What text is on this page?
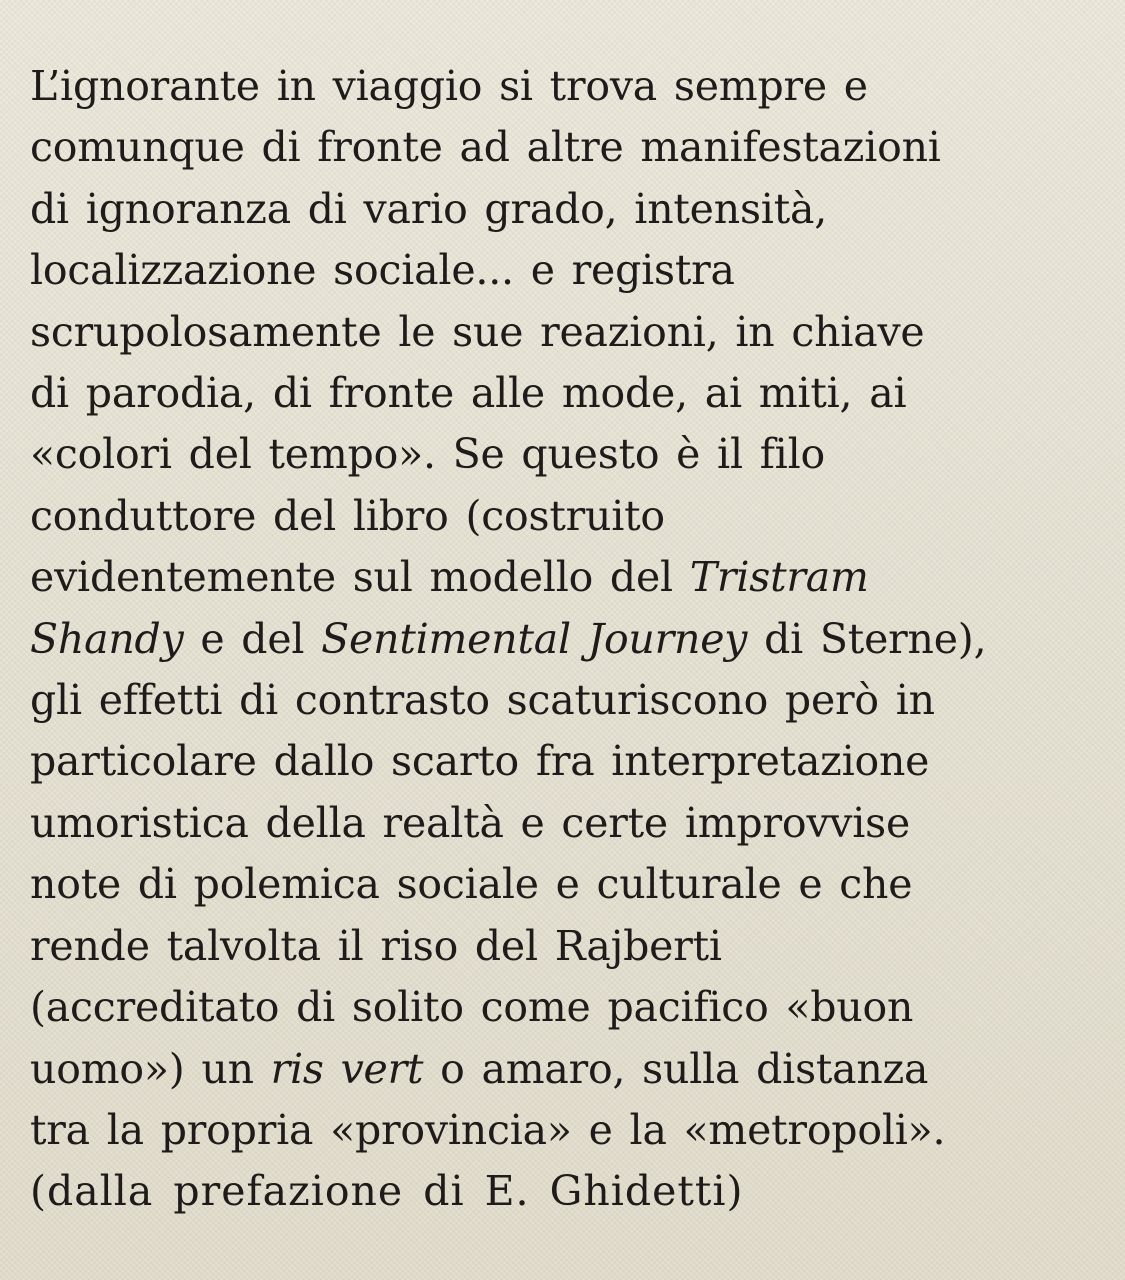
L’ignorante in viaggio si trova sempre e
comunque di fronte ad altre manifestazioni
di ignoranza di vario grado, intensità,
localizzazione sociale... e registra
scrupolosamente le sue reazioni, in chiave
di parodia, di fronte alle mode, ai miti, ai
«colori del tempo». Se questo è il filo
conduttore del libro (costruito
evidentemente sul modello del Tristram
Shandy e del Sentimental Journey di Sterne),
gli effetti di contrasto scaturiscono però in
particolare dallo scarto fra interpretazione
umoristica della realtà e certe improvvise
note di polemica sociale e culturale e che
rende talvolta il riso del Rajberti
(accreditato di solito come pacifico «buon
uomo») un ris vert o amaro, sulla distanza
tra la propria «provincia» e la «metropoli».
(dalla prefazione di E. Ghidetti)
